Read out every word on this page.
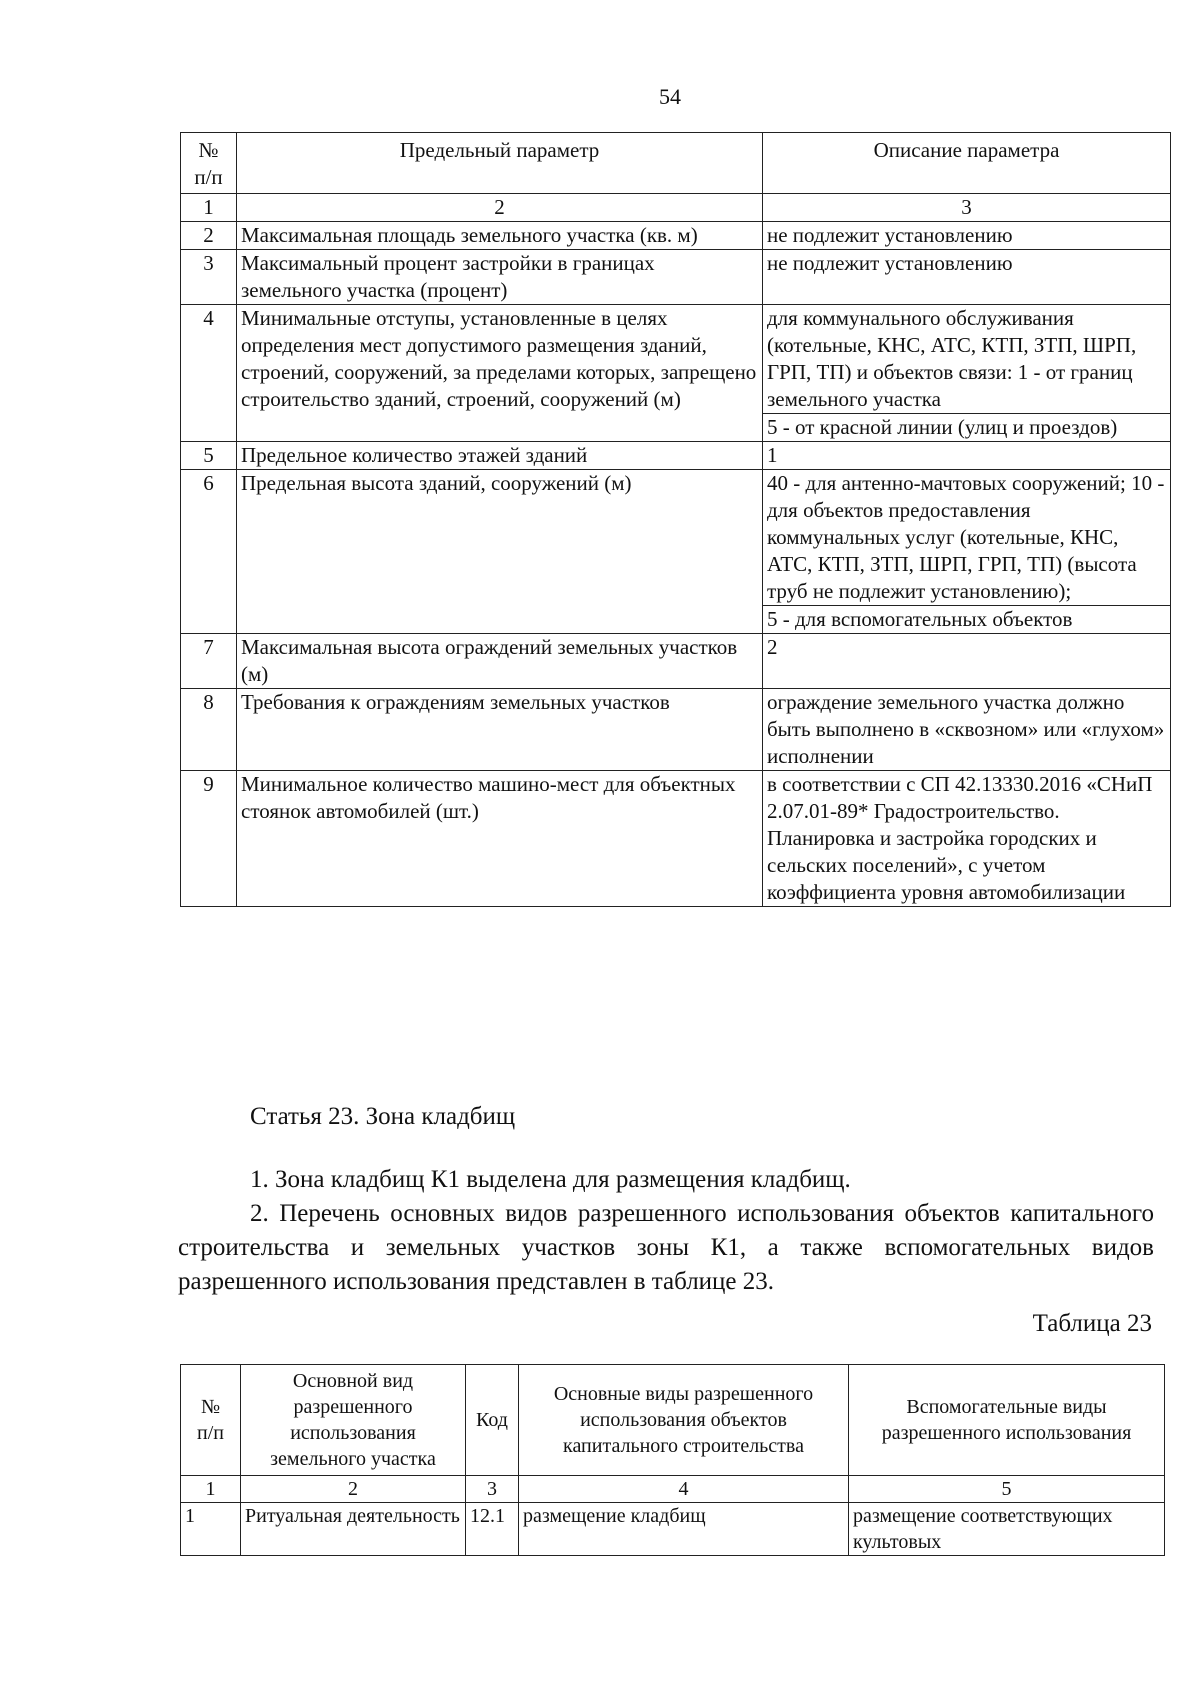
54
№
п/п	Предельный параметр	Описание параметра
1	2	3
2	Максимальная площадь земельного участка (кв. м)	не подлежит установлению
3	Максимальный процент застройки в границах земельного участка (процент)	не подлежит установлению
4	Минимальные отступы, установленные в целях определения мест допустимого размещения зданий, строений, сооружений, за пределами которых, запрещено строительство зданий, строений, сооружений (м)	для коммунального обслуживания (котельные, КНС, АТС, КТП, ЗТП, ШРП, ГРП, ТП) и объектов связи: 1 - от границ земельного участка
5 - от красной линии (улиц и проездов)

5	Предельное количество этажей зданий	1
6	Предельная высота зданий, сооружений (м)	40 - для антенно-мачтовых сооружений; 10 - для объектов предоставления коммунальных услуг (котельные, КНС, АТС, КТП, ЗТП, ШРП, ГРП, ТП) (высота труб не подлежит установлению);
5 - для вспомогательных объектов

7	Максимальная высота ограждений земельных участков (м)	2
8	Требования к ограждениям земельных участков	ограждение земельного участка должно быть выполнено в «сквозном» или «глухом» исполнении
9	Минимальное количество машино-мест для объектных стоянок автомобилей (шт.)	в соответствии с СП 42.13330.2016 «СНиП 2.07.01-89* Градостроительство. Планировка и застройка городских и сельских поселений», с учетом коэффициента уровня автомобилизации
Статья 23. Зона кладбищ
1. Зона кладбищ К1 выделена для размещения кладбищ.
2. Перечень основных видов разрешенного использования объектов капитального строительства и земельных участков зоны К1, а также вспомогательных видов разрешенного использования представлен в таблице 23.
Таблица 23
№
п/п	Основной вид разрешенного использования земельного участка	Код	Основные виды разрешенного использования объектов капитального строительства	Вспомогательные виды разрешенного использования
1	2	3	4	5
1	Ритуальная деятельность	12.1	размещение кладбищ	размещение соответствующих культовых
